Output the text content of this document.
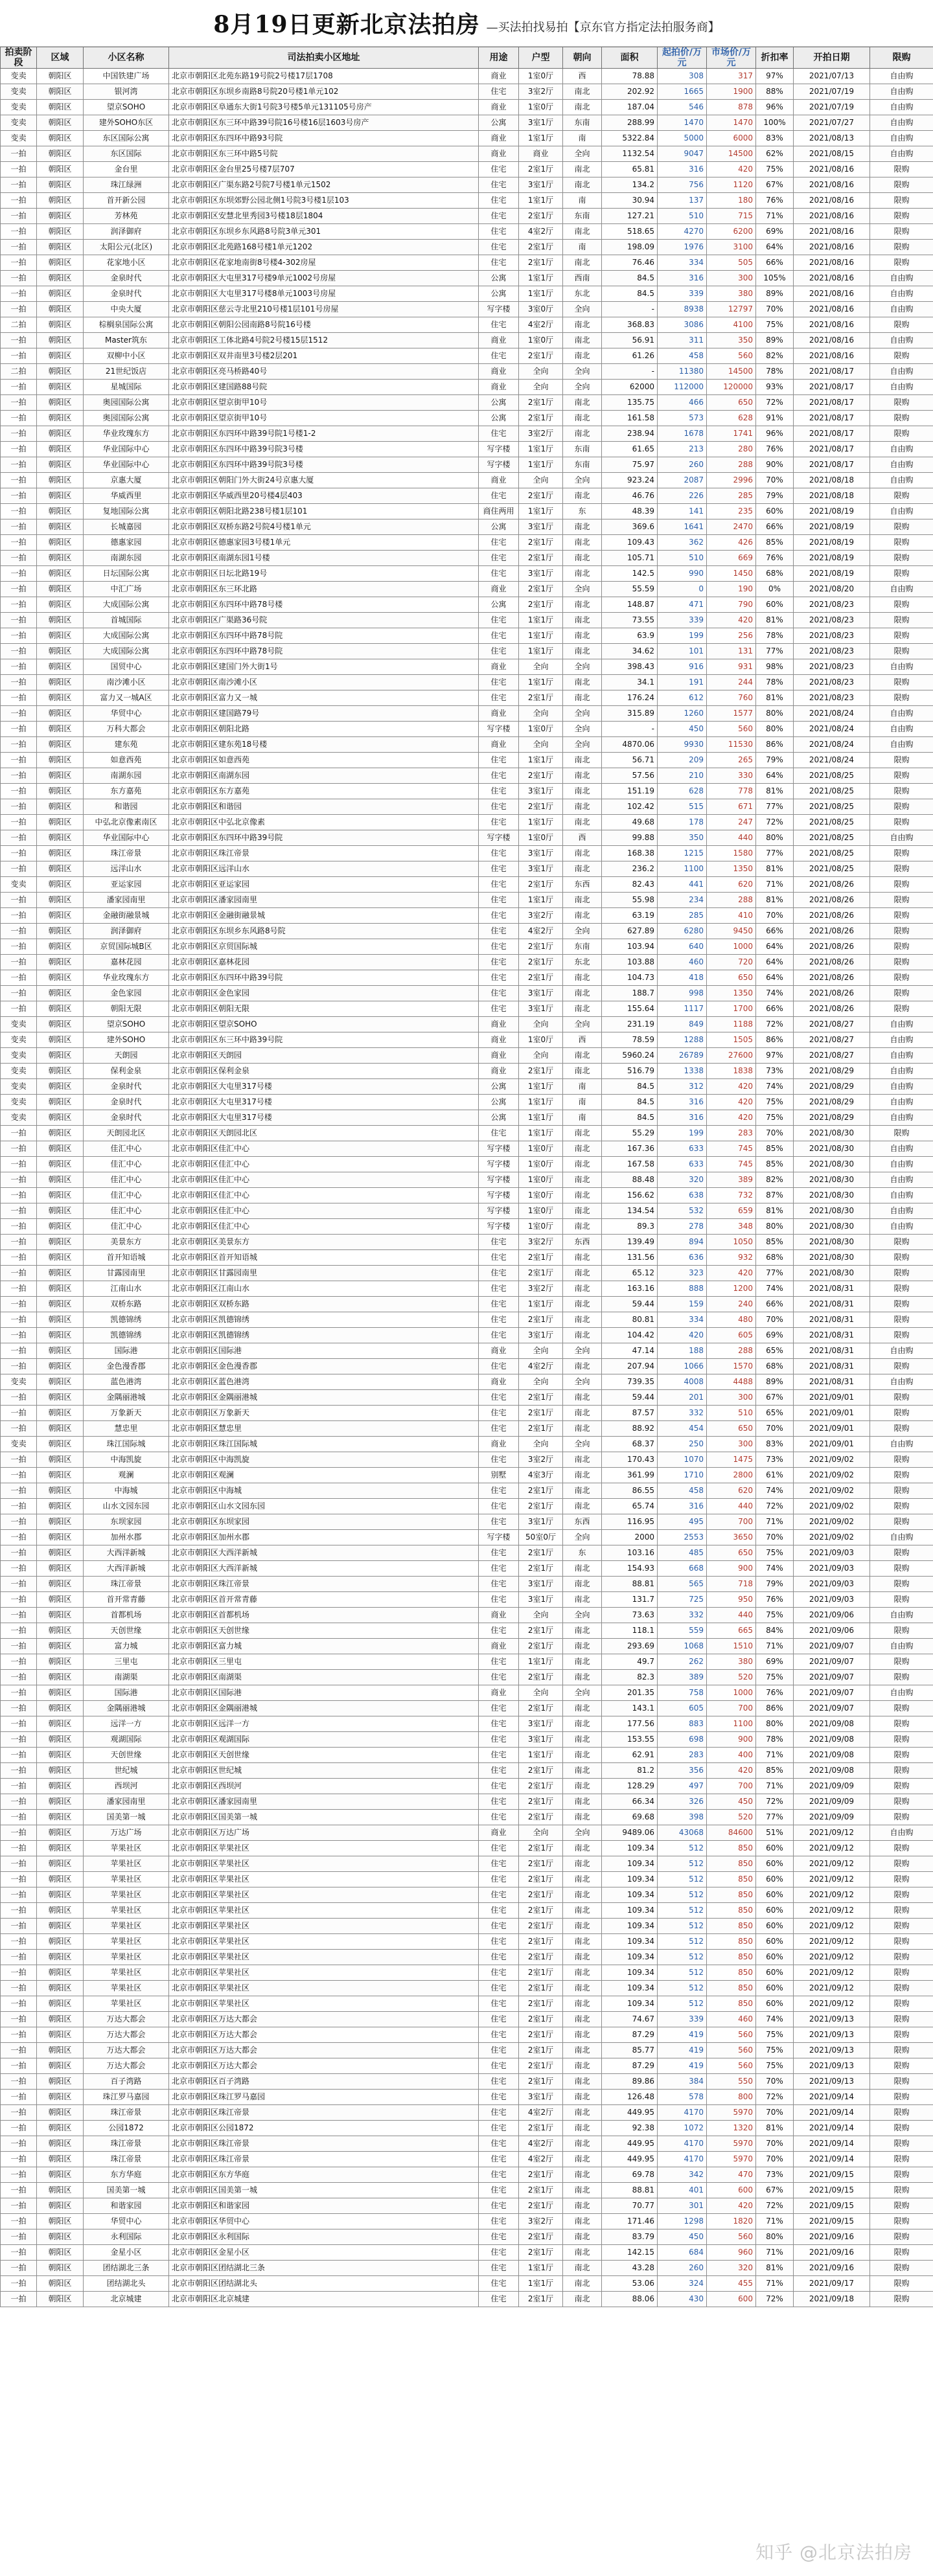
8月19日更新北京法拍房 —买法拍找易拍【京东官方指定法拍服务商】
拍卖阶段	区域	小区名称	司法拍卖小区地址	用途	户型	朝向	面积	起拍价/万元	市场价/万元	折扣率	开拍日期	限购
变卖	朝阳区	中国铁建广场	北京市朝阳区北苑东路19号院2号楼17层1708	商业	1室0厅	西	78.88	308	317	97%	2021/07/13	自由购
变卖	朝阳区	银河湾	北京市朝阳区东坝乡南路8号院20号楼1单元102	住宅	3室2厅	南北	202.92	1665	1900	88%	2021/07/19	自由购
变卖	朝阳区	望京SOHO	北京市朝阳区阜通东大街1号院3号楼5单元131105号房产	商业	1室0厅	南北	187.04	546	878	96%	2021/07/19	自由购
变卖	朝阳区	建外SOHO东区	北京市朝阳区东三环中路39号院16号楼16层1603号房产	公寓	3室1厅	东南	288.99	1470	1470	100%	2021/07/27	自由购
变卖	朝阳区	东区国际公寓	北京市朝阳区东四环中路93号院	商业	1室1厅	南	5322.84	5000	6000	83%	2021/08/13	自由购
一拍	朝阳区	东区国际	北京市朝阳区东三环中路5号院	商业	商业	全向	1132.54	9047	14500	62%	2021/08/15	自由购
一拍	朝阳区	金台里	北京市朝阳区金台里25号楼7层707	住宅	2室1厅	南北	65.81	316	420	75%	2021/08/16	限购
一拍	朝阳区	珠江绿洲	北京市朝阳区广渠东路2号院7号楼1单元1502	住宅	3室1厅	南北	134.2	756	1120	67%	2021/08/16	限购
一拍	朝阳区	首开新公园	北京市朝阳区东坝郊野公园北侧1号院3号楼1层103	住宅	1室1厅	南	30.94	137	180	76%	2021/08/16	限购
一拍	朝阳区	芳林苑	北京市朝阳区安慧北里秀园3号楼18层1804	住宅	2室1厅	东南	127.21	510	715	71%	2021/08/16	限购
一拍	朝阳区	润泽御府	北京市朝阳区东坝乡东风路8号院3单元301	住宅	4室2厅	南北	518.65	4270	6200	69%	2021/08/16	限购
一拍	朝阳区	太阳公元(北区)	北京市朝阳区北苑路168号楼1单元1202	住宅	2室1厅	南	198.09	1976	3100	64%	2021/08/16	限购
一拍	朝阳区	花家地小区	北京市朝阳区花家地南街8号楼4-302房屋	住宅	2室1厅	南北	76.46	334	505	66%	2021/08/16	限购
一拍	朝阳区	金泉时代	北京市朝阳区大屯里317号楼9单元1002号房屋	公寓	1室1厅	西南	84.5	316	300	105%	2021/08/16	自由购
一拍	朝阳区	金泉时代	北京市朝阳区大屯里317号楼8单元1003号房屋	公寓	1室1厅	东北	84.5	339	380	89%	2021/08/16	自由购
一拍	朝阳区	中央大厦	北京市朝阳区慈云寺北里210号楼1层101号房屋	写字楼	3室0厅	全向	-	8938	12797	70%	2021/08/16	自由购
二拍	朝阳区	棕榈泉国际公寓	北京市朝阳区朝阳公园南路8号院16号楼	住宅	4室2厅	南北	368.83	3086	4100	75%	2021/08/16	限购
一拍	朝阳区	Master筑东	北京市朝阳区工体北路4号院2号楼15层1512	商业	1室0厅	南北	56.91	311	350	89%	2021/08/16	自由购
一拍	朝阳区	双柳中小区	北京市朝阳区双井南里3号楼2层201	住宅	2室1厅	南北	61.26	458	560	82%	2021/08/16	限购
二拍	朝阳区	21世纪饭店	北京市朝阳区亮马桥路40号	商业	全向	全向	-	11380	14500	78%	2021/08/17	自由购
一拍	朝阳区	星城国际	北京市朝阳区建国路88号院	商业	全向	全向	62000	112000	120000	93%	2021/08/17	自由购
一拍	朝阳区	奥园国际公寓	北京市朝阳区望京街甲10号	公寓	2室1厅	南北	135.75	466	650	72%	2021/08/17	限购
一拍	朝阳区	奥园国际公寓	北京市朝阳区望京街甲10号	公寓	2室1厅	南北	161.58	573	628	91%	2021/08/17	限购
一拍	朝阳区	华业玫瑰东方	北京市朝阳区东四环中路39号院1号楼1-2	住宅	3室2厅	南北	238.94	1678	1741	96%	2021/08/17	限购
一拍	朝阳区	华业国际中心	北京市朝阳区东四环中路39号院3号楼	写字楼	1室1厅	东南	61.65	213	280	76%	2021/08/17	自由购
一拍	朝阳区	华业国际中心	北京市朝阳区东四环中路39号院3号楼	写字楼	1室1厅	东南	75.97	260	288	90%	2021/08/17	自由购
一拍	朝阳区	京惠大厦	北京市朝阳区朝阳门外大街24号京惠大厦	商业	全向	全向	923.24	2087	2996	70%	2021/08/18	自由购
一拍	朝阳区	华威西里	北京市朝阳区华威西里20号楼4层403	住宅	2室1厅	南北	46.76	226	285	79%	2021/08/18	限购
一拍	朝阳区	复地国际公寓	北京市朝阳区朝阳北路238号楼1层101	商住两用	1室1厅	东	48.39	141	235	60%	2021/08/19	自由购
一拍	朝阳区	长城嘉园	北京市朝阳区双桥东路2号院4号楼1单元	公寓	3室1厅	南北	369.6	1641	2470	66%	2021/08/19	限购
一拍	朝阳区	德惠家园	北京市朝阳区德惠家园3号楼1单元	住宅	2室1厅	南北	109.43	362	426	85%	2021/08/19	限购
一拍	朝阳区	南湖东园	北京市朝阳区南湖东园1号楼	住宅	2室1厅	南北	105.71	510	669	76%	2021/08/19	限购
一拍	朝阳区	日坛国际公寓	北京市朝阳区日坛北路19号	住宅	3室1厅	南北	142.5	990	1450	68%	2021/08/19	限购
一拍	朝阳区	中汇广场	北京市朝阳区东三环北路	商业	2室1厅	全向	55.59	0	190	0%	2021/08/20	自由购
一拍	朝阳区	大成国际公寓	北京市朝阳区东四环中路78号楼	公寓	2室1厅	南北	148.87	471	790	60%	2021/08/23	限购
一拍	朝阳区	首城国际	北京市朝阳区广渠路36号院	住宅	1室1厅	南北	73.55	339	420	81%	2021/08/23	限购
一拍	朝阳区	大成国际公寓	北京市朝阳区东四环中路78号院	住宅	1室1厅	南北	63.9	199	256	78%	2021/08/23	限购
一拍	朝阳区	大成国际公寓	北京市朝阳区东四环中路78号院	住宅	1室1厅	南北	34.62	101	131	77%	2021/08/23	限购
一拍	朝阳区	国贸中心	北京市朝阳区建国门外大街1号	商业	全向	全向	398.43	916	931	98%	2021/08/23	自由购
一拍	朝阳区	南沙滩小区	北京市朝阳区南沙滩小区	住宅	1室1厅	南北	34.1	191	244	78%	2021/08/23	限购
一拍	朝阳区	富力又一城A区	北京市朝阳区富力又一城	住宅	2室1厅	南北	176.24	612	760	81%	2021/08/23	限购
一拍	朝阳区	华贸中心	北京市朝阳区建国路79号	商业	全向	全向	315.89	1260	1577	80%	2021/08/24	自由购
一拍	朝阳区	万科大都会	北京市朝阳区朝阳北路	写字楼	1室0厅	全向	-	450	560	80%	2021/08/24	自由购
一拍	朝阳区	建东苑	北京市朝阳区建东苑18号楼	商业	全向	全向	4870.06	9930	11530	86%	2021/08/24	自由购
一拍	朝阳区	如意西苑	北京市朝阳区如意西苑	住宅	1室1厅	南北	56.71	209	265	79%	2021/08/24	限购
一拍	朝阳区	南湖东园	北京市朝阳区南湖东园	住宅	2室1厅	南北	57.56	210	330	64%	2021/08/25	限购
一拍	朝阳区	东方嘉苑	北京市朝阳区东方嘉苑	住宅	3室1厅	南北	151.19	628	778	81%	2021/08/25	限购
一拍	朝阳区	和谐园	北京市朝阳区和谐园	住宅	2室1厅	南北	102.42	515	671	77%	2021/08/25	限购
一拍	朝阳区	中弘北京像素南区	北京市朝阳区中弘北京像素	住宅	1室1厅	南北	49.68	178	247	72%	2021/08/25	限购
一拍	朝阳区	华业国际中心	北京市朝阳区东四环中路39号院	写字楼	1室0厅	西	99.88	350	440	80%	2021/08/25	自由购
一拍	朝阳区	珠江帝景	北京市朝阳区珠江帝景	住宅	3室1厅	南北	168.38	1215	1580	77%	2021/08/25	限购
一拍	朝阳区	远洋山水	北京市朝阳区远洋山水	住宅	3室1厅	南北	236.2	1100	1350	81%	2021/08/25	限购
变卖	朝阳区	亚运家园	北京市朝阳区亚运家园	住宅	2室1厅	东西	82.43	441	620	71%	2021/08/26	限购
一拍	朝阳区	潘家园南里	北京市朝阳区潘家园南里	住宅	1室1厅	南北	55.98	234	288	81%	2021/08/26	限购
一拍	朝阳区	金融街融景城	北京市朝阳区金融街融景城	住宅	3室2厅	南北	63.19	285	410	70%	2021/08/26	限购
一拍	朝阳区	润泽御府	北京市朝阳区东坝乡东风路8号院	住宅	4室2厅	全向	627.89	6280	9450	66%	2021/08/26	限购
一拍	朝阳区	京贸国际城B区	北京市朝阳区京贸国际城	住宅	2室1厅	东南	103.94	640	1000	64%	2021/08/26	限购
一拍	朝阳区	嘉林花园	北京市朝阳区嘉林花园	住宅	2室1厅	东北	103.88	460	720	64%	2021/08/26	限购
一拍	朝阳区	华业玫瑰东方	北京市朝阳区东四环中路39号院	住宅	2室1厅	南北	104.73	418	650	64%	2021/08/26	限购
一拍	朝阳区	金色家园	北京市朝阳区金色家园	住宅	3室1厅	南北	188.7	998	1350	74%	2021/08/26	限购
一拍	朝阳区	朝阳无限	北京市朝阳区朝阳无限	住宅	3室1厅	南北	155.64	1117	1700	66%	2021/08/26	限购
变卖	朝阳区	望京SOHO	北京市朝阳区望京SOHO	商业	全向	全向	231.19	849	1188	72%	2021/08/27	自由购
变卖	朝阳区	建外SOHO	北京市朝阳区东三环中路39号院	商业	1室0厅	西	78.59	1288	1505	86%	2021/08/27	自由购
变卖	朝阳区	天朗园	北京市朝阳区天朗园	商业	全向	南北	5960.24	26789	27600	97%	2021/08/27	自由购
变卖	朝阳区	保利金泉	北京市朝阳区保利金泉	商业	2室1厅	南北	516.79	1338	1838	73%	2021/08/29	自由购
变卖	朝阳区	金泉时代	北京市朝阳区大屯里317号楼	公寓	1室1厅	南	84.5	312	420	74%	2021/08/29	自由购
变卖	朝阳区	金泉时代	北京市朝阳区大屯里317号楼	公寓	1室1厅	南	84.5	316	420	75%	2021/08/29	自由购
变卖	朝阳区	金泉时代	北京市朝阳区大屯里317号楼	公寓	1室1厅	南	84.5	316	420	75%	2021/08/29	自由购
一拍	朝阳区	天朗园北区	北京市朝阳区天朗园北区	住宅	1室1厅	南北	55.29	199	283	70%	2021/08/30	限购
一拍	朝阳区	佳汇中心	北京市朝阳区佳汇中心	写字楼	1室0厅	南北	167.36	633	745	85%	2021/08/30	自由购
一拍	朝阳区	佳汇中心	北京市朝阳区佳汇中心	写字楼	1室0厅	南北	167.58	633	745	85%	2021/08/30	自由购
一拍	朝阳区	佳汇中心	北京市朝阳区佳汇中心	写字楼	1室0厅	南北	88.48	320	389	82%	2021/08/30	自由购
一拍	朝阳区	佳汇中心	北京市朝阳区佳汇中心	写字楼	1室0厅	南北	156.62	638	732	87%	2021/08/30	自由购
一拍	朝阳区	佳汇中心	北京市朝阳区佳汇中心	写字楼	1室0厅	南北	134.54	532	659	81%	2021/08/30	自由购
一拍	朝阳区	佳汇中心	北京市朝阳区佳汇中心	写字楼	1室0厅	南北	89.3	278	348	80%	2021/08/30	自由购
一拍	朝阳区	美景东方	北京市朝阳区美景东方	住宅	3室2厅	东西	139.49	894	1050	85%	2021/08/30	限购
一拍	朝阳区	首开知语城	北京市朝阳区首开知语城	住宅	2室1厅	南北	131.56	636	932	68%	2021/08/30	限购
一拍	朝阳区	甘露园南里	北京市朝阳区甘露园南里	住宅	2室1厅	南北	65.12	323	420	77%	2021/08/30	限购
一拍	朝阳区	江南山水	北京市朝阳区江南山水	住宅	3室2厅	南北	163.16	888	1200	74%	2021/08/31	限购
一拍	朝阳区	双桥东路	北京市朝阳区双桥东路	住宅	1室1厅	南北	59.44	159	240	66%	2021/08/31	限购
一拍	朝阳区	凯德锦绣	北京市朝阳区凯德锦绣	住宅	2室1厅	南北	80.81	334	480	70%	2021/08/31	限购
一拍	朝阳区	凯德锦绣	北京市朝阳区凯德锦绣	住宅	3室1厅	南北	104.42	420	605	69%	2021/08/31	限购
一拍	朝阳区	国际港	北京市朝阳区国际港	商业	全向	全向	47.14	188	288	65%	2021/08/31	自由购
一拍	朝阳区	金色漫香郡	北京市朝阳区金色漫香郡	住宅	4室2厅	南北	207.94	1066	1570	68%	2021/08/31	限购
变卖	朝阳区	蓝色港湾	北京市朝阳区蓝色港湾	商业	全向	全向	739.35	4008	4488	89%	2021/08/31	自由购
一拍	朝阳区	金隅丽港城	北京市朝阳区金隅丽港城	住宅	2室1厅	南北	59.44	201	300	67%	2021/09/01	限购
一拍	朝阳区	万象新天	北京市朝阳区万象新天	住宅	2室1厅	南北	87.57	332	510	65%	2021/09/01	限购
一拍	朝阳区	慧忠里	北京市朝阳区慧忠里	住宅	2室1厅	南北	88.92	454	650	70%	2021/09/01	限购
变卖	朝阳区	珠江国际城	北京市朝阳区珠江国际城	商业	全向	全向	68.37	250	300	83%	2021/09/01	自由购
一拍	朝阳区	中海凯旋	北京市朝阳区中海凯旋	住宅	3室2厅	南北	170.43	1070	1475	73%	2021/09/02	限购
一拍	朝阳区	观澜	北京市朝阳区观澜	别墅	4室3厅	南北	361.99	1710	2800	61%	2021/09/02	限购
一拍	朝阳区	中海城	北京市朝阳区中海城	住宅	2室1厅	南北	86.55	458	620	74%	2021/09/02	限购
一拍	朝阳区	山水文园东园	北京市朝阳区山水文园东园	住宅	2室1厅	南北	65.74	316	440	72%	2021/09/02	限购
一拍	朝阳区	东坝家园	北京市朝阳区东坝家园	住宅	3室1厅	东西	116.95	495	700	71%	2021/09/02	限购
一拍	朝阳区	加州水郡	北京市朝阳区加州水郡	写字楼	50室0厅	全向	2000	2553	3650	70%	2021/09/02	自由购
一拍	朝阳区	大西洋新城	北京市朝阳区大西洋新城	住宅	2室1厅	东	103.16	485	650	75%	2021/09/03	限购
一拍	朝阳区	大西洋新城	北京市朝阳区大西洋新城	住宅	2室1厅	南北	154.93	668	900	74%	2021/09/03	限购
一拍	朝阳区	珠江帝景	北京市朝阳区珠江帝景	住宅	3室1厅	南北	88.81	565	718	79%	2021/09/03	限购
一拍	朝阳区	首开常青藤	北京市朝阳区首开常青藤	住宅	3室1厅	南北	131.7	725	950	76%	2021/09/03	限购
一拍	朝阳区	首都机场	北京市朝阳区首都机场	商业	全向	全向	73.63	332	440	75%	2021/09/06	自由购
一拍	朝阳区	天创世缘	北京市朝阳区天创世缘	住宅	2室1厅	南北	118.1	559	665	84%	2021/09/06	限购
一拍	朝阳区	富力城	北京市朝阳区富力城	商业	2室1厅	南北	293.69	1068	1510	71%	2021/09/07	自由购
一拍	朝阳区	三里屯	北京市朝阳区三里屯	住宅	1室1厅	南北	49.7	262	380	69%	2021/09/07	限购
一拍	朝阳区	南湖渠	北京市朝阳区南湖渠	住宅	2室1厅	南北	82.3	389	520	75%	2021/09/07	限购
一拍	朝阳区	国际港	北京市朝阳区国际港	商业	全向	全向	201.35	758	1000	76%	2021/09/07	自由购
一拍	朝阳区	金隅丽港城	北京市朝阳区金隅丽港城	住宅	2室1厅	南北	143.1	605	700	86%	2021/09/07	限购
一拍	朝阳区	远洋一方	北京市朝阳区远洋一方	住宅	3室1厅	南北	177.56	883	1100	80%	2021/09/08	限购
一拍	朝阳区	观湖国际	北京市朝阳区观湖国际	住宅	3室1厅	南北	153.55	698	900	78%	2021/09/08	限购
一拍	朝阳区	天创世缘	北京市朝阳区天创世缘	住宅	1室1厅	南北	62.91	283	400	71%	2021/09/08	限购
一拍	朝阳区	世纪城	北京市朝阳区世纪城	住宅	2室1厅	南北	81.2	356	420	85%	2021/09/08	限购
一拍	朝阳区	西坝河	北京市朝阳区西坝河	住宅	2室1厅	南北	128.29	497	700	71%	2021/09/09	限购
一拍	朝阳区	潘家园南里	北京市朝阳区潘家园南里	住宅	2室1厅	南北	66.34	326	450	72%	2021/09/09	限购
一拍	朝阳区	国美第一城	北京市朝阳区国美第一城	住宅	2室1厅	南北	69.68	398	520	77%	2021/09/09	限购
一拍	朝阳区	万达广场	北京市朝阳区万达广场	商业	全向	全向	9489.06	43068	84600	51%	2021/09/12	自由购
一拍	朝阳区	苹果社区	北京市朝阳区苹果社区	住宅	2室1厅	南北	109.34	512	850	60%	2021/09/12	限购
一拍	朝阳区	苹果社区	北京市朝阳区苹果社区	住宅	2室1厅	南北	109.34	512	850	60%	2021/09/12	限购
一拍	朝阳区	苹果社区	北京市朝阳区苹果社区	住宅	2室1厅	南北	109.34	512	850	60%	2021/09/12	限购
一拍	朝阳区	苹果社区	北京市朝阳区苹果社区	住宅	2室1厅	南北	109.34	512	850	60%	2021/09/12	限购
一拍	朝阳区	苹果社区	北京市朝阳区苹果社区	住宅	2室1厅	南北	109.34	512	850	60%	2021/09/12	限购
一拍	朝阳区	苹果社区	北京市朝阳区苹果社区	住宅	2室1厅	南北	109.34	512	850	60%	2021/09/12	限购
一拍	朝阳区	苹果社区	北京市朝阳区苹果社区	住宅	2室1厅	南北	109.34	512	850	60%	2021/09/12	限购
一拍	朝阳区	苹果社区	北京市朝阳区苹果社区	住宅	2室1厅	南北	109.34	512	850	60%	2021/09/12	限购
一拍	朝阳区	苹果社区	北京市朝阳区苹果社区	住宅	2室1厅	南北	109.34	512	850	60%	2021/09/12	限购
一拍	朝阳区	苹果社区	北京市朝阳区苹果社区	住宅	2室1厅	南北	109.34	512	850	60%	2021/09/12	限购
一拍	朝阳区	苹果社区	北京市朝阳区苹果社区	住宅	2室1厅	南北	109.34	512	850	60%	2021/09/12	限购
一拍	朝阳区	万达大都会	北京市朝阳区万达大都会	住宅	2室1厅	南北	74.67	339	460	74%	2021/09/13	限购
一拍	朝阳区	万达大都会	北京市朝阳区万达大都会	住宅	2室1厅	南北	87.29	419	560	75%	2021/09/13	限购
一拍	朝阳区	万达大都会	北京市朝阳区万达大都会	住宅	2室1厅	南北	85.77	419	560	75%	2021/09/13	限购
一拍	朝阳区	万达大都会	北京市朝阳区万达大都会	住宅	2室1厅	南北	87.29	419	560	75%	2021/09/13	限购
一拍	朝阳区	百子湾路	北京市朝阳区百子湾路	住宅	2室1厅	南北	89.86	384	550	70%	2021/09/13	限购
一拍	朝阳区	珠江罗马嘉园	北京市朝阳区珠江罗马嘉园	住宅	3室1厅	南北	126.48	578	800	72%	2021/09/14	限购
一拍	朝阳区	珠江帝景	北京市朝阳区珠江帝景	住宅	4室2厅	南北	449.95	4170	5970	70%	2021/09/14	限购
一拍	朝阳区	公园1872	北京市朝阳区公园1872	住宅	2室1厅	南北	92.38	1072	1320	81%	2021/09/14	限购
一拍	朝阳区	珠江帝景	北京市朝阳区珠江帝景	住宅	4室2厅	南北	449.95	4170	5970	70%	2021/09/14	限购
一拍	朝阳区	珠江帝景	北京市朝阳区珠江帝景	住宅	4室2厅	南北	449.95	4170	5970	70%	2021/09/14	限购
一拍	朝阳区	东方华庭	北京市朝阳区东方华庭	住宅	2室1厅	南北	69.78	342	470	73%	2021/09/15	限购
一拍	朝阳区	国美第一城	北京市朝阳区国美第一城	住宅	2室1厅	南北	88.81	401	600	67%	2021/09/15	限购
一拍	朝阳区	和谐家园	北京市朝阳区和谐家园	住宅	2室1厅	南北	70.77	301	420	72%	2021/09/15	限购
一拍	朝阳区	华贸中心	北京市朝阳区华贸中心	住宅	3室2厅	南北	171.46	1298	1820	71%	2021/09/15	限购
一拍	朝阳区	永利国际	北京市朝阳区永利国际	住宅	2室1厅	南北	83.79	450	560	80%	2021/09/16	限购
一拍	朝阳区	金星小区	北京市朝阳区金星小区	住宅	2室1厅	南北	142.15	684	960	71%	2021/09/16	限购
一拍	朝阳区	团结湖北三条	北京市朝阳区团结湖北三条	住宅	1室1厅	南北	43.28	260	320	81%	2021/09/16	限购
一拍	朝阳区	团结湖北头	北京市朝阳区团结湖北头	住宅	1室1厅	南北	53.06	324	455	71%	2021/09/17	限购
一拍	朝阳区	北京城建	北京市朝阳区北京城建	住宅	2室1厅	南北	88.06	430	600	72%	2021/09/18	限购
知乎 @北京法拍房
